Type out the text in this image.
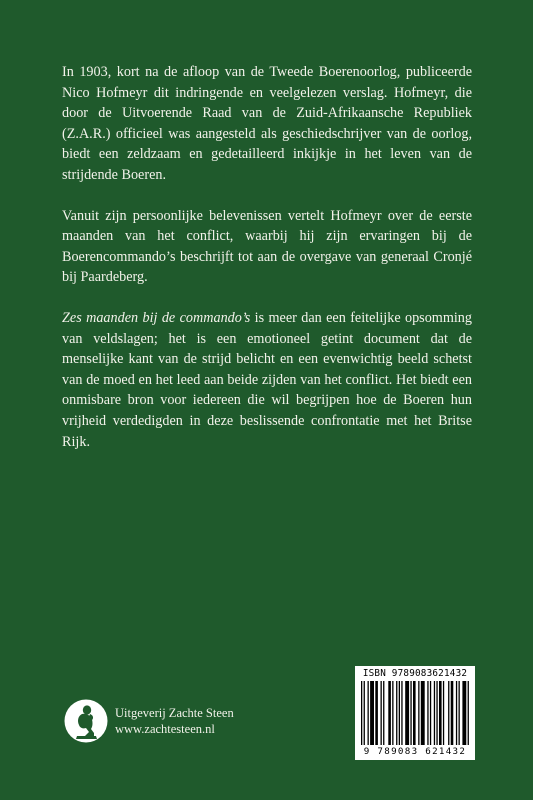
In 1903, kort na de afloop van de Tweede Boerenoorlog, publiceerde Nico Hofmeyr dit indringende en veelgelezen verslag. Hofmeyr, die door de Uitvoerende Raad van de Zuid-Afrikaansche Republiek (Z.A.R.) officieel was aangesteld als geschiedschrijver van de oorlog, biedt een zeldzaam en gedetailleerd inkijkje in het leven van de strijdende Boeren.

Vanuit zijn persoonlijke belevenissen vertelt Hofmeyr over de eerste maanden van het conflict, waarbij hij zijn ervaringen bij de Boerencommando’s beschrijft tot aan de overgave van generaal Cronjé bij Paardeberg.

Zes maanden bij de commando’s is meer dan een feitelijke opsomming van veldslagen; het is een emotioneel getint document dat de menselijke kant van de strijd belicht en een evenwichtig beeld schetst van de moed en het leed aan beide zijden van het conflict. Het biedt een onmisbare bron voor iedereen die wil begrijpen hoe de Boeren hun vrijheid verdedigden in deze beslissende confrontatie met het Britse Rijk.

Uitgeverij Zachte Steen
www.zachtesteen.nl
ISBN 9789083621432
9 789083 621432
